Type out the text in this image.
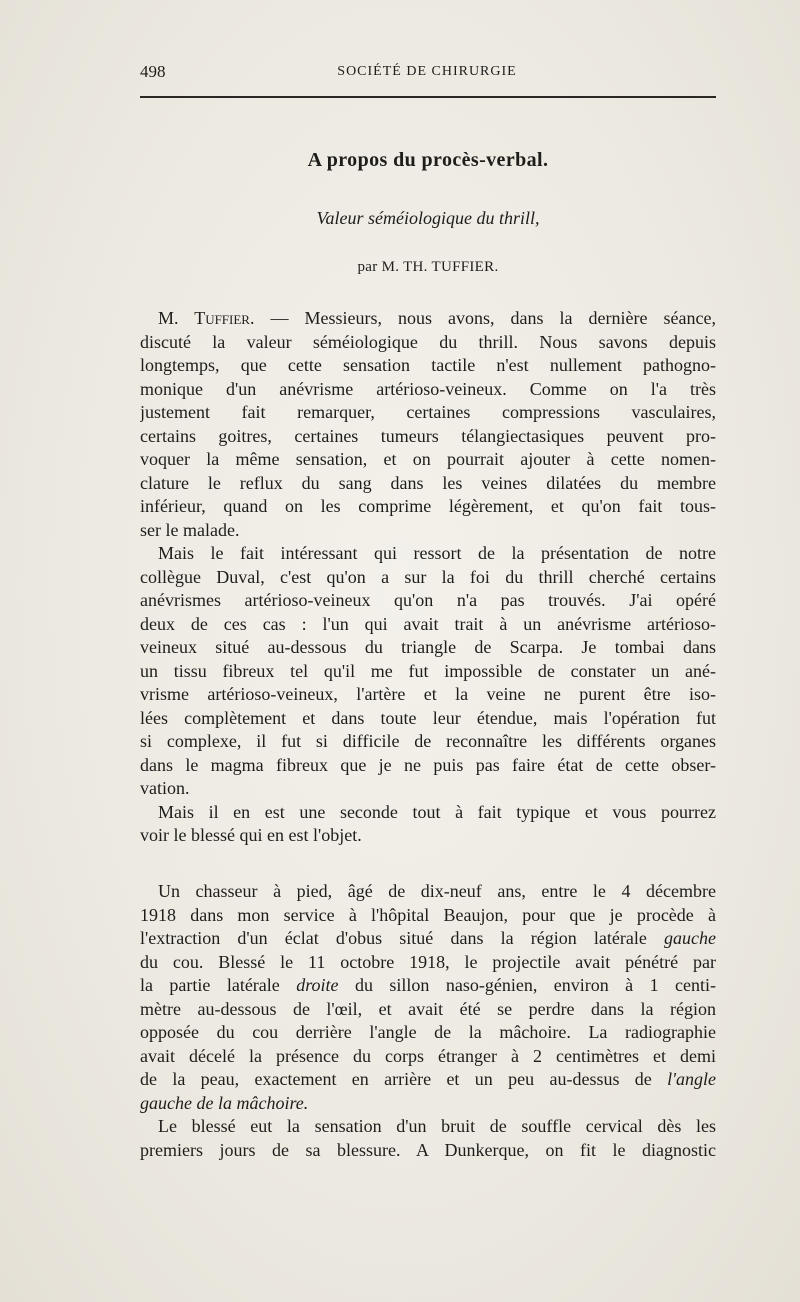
498	SOCIÉTÉ DE CHIRURGIE
A propos du procès-verbal.
Valeur séméiologique du thrill,
par M. TH. TUFFIER.
M. Tuffier. — Messieurs, nous avons, dans la dernière séance,
discuté la valeur séméiologique du thrill. Nous savons depuis
longtemps, que cette sensation tactile n'est nullement pathogno-
monique d'un anévrisme artérioso-veineux. Comme on l'a très
justement fait remarquer, certaines compressions vasculaires,
certains goitres, certaines tumeurs télangiectasiques peuvent pro-
voquer la même sensation, et on pourrait ajouter à cette nomen-
clature le reflux du sang dans les veines dilatées du membre
inférieur, quand on les comprime légèrement, et qu'on fait tous-
ser le malade.
Mais le fait intéressant qui ressort de la présentation de notre
collègue Duval, c'est qu'on a sur la foi du thrill cherché certains
anévrismes artérioso-veineux qu'on n'a pas trouvés. J'ai opéré
deux de ces cas : l'un qui avait trait à un anévrisme artérioso-
veineux situé au-dessous du triangle de Scarpa. Je tombai dans
un tissu fibreux tel qu'il me fut impossible de constater un ané-
vrisme artérioso-veineux, l'artère et la veine ne purent être iso-
lées complètement et dans toute leur étendue, mais l'opération fut
si complexe, il fut si difficile de reconnaître les différents organes
dans le magma fibreux que je ne puis pas faire état de cette obser-
vation.
Mais il en est une seconde tout à fait typique et vous pourrez
voir le blessé qui en est l'objet.
Un chasseur à pied, âgé de dix-neuf ans, entre le 4 décembre
1918 dans mon service à l'hôpital Beaujon, pour que je procède à
l'extraction d'un éclat d'obus situé dans la région latérale gauche
du cou. Blessé le 11 octobre 1918, le projectile avait pénétré par
la partie latérale droite du sillon naso-génien, environ à 1 centi-
mètre au-dessous de l'œil, et avait été se perdre dans la région
opposée du cou derrière l'angle de la mâchoire. La radiographie
avait décelé la présence du corps étranger à 2 centimètres et demi
de la peau, exactement en arrière et un peu au-dessus de l'angle
gauche de la mâchoire.
Le blessé eut la sensation d'un bruit de souffle cervical dès les
premiers jours de sa blessure. A Dunkerque, on fit le diagnostic
